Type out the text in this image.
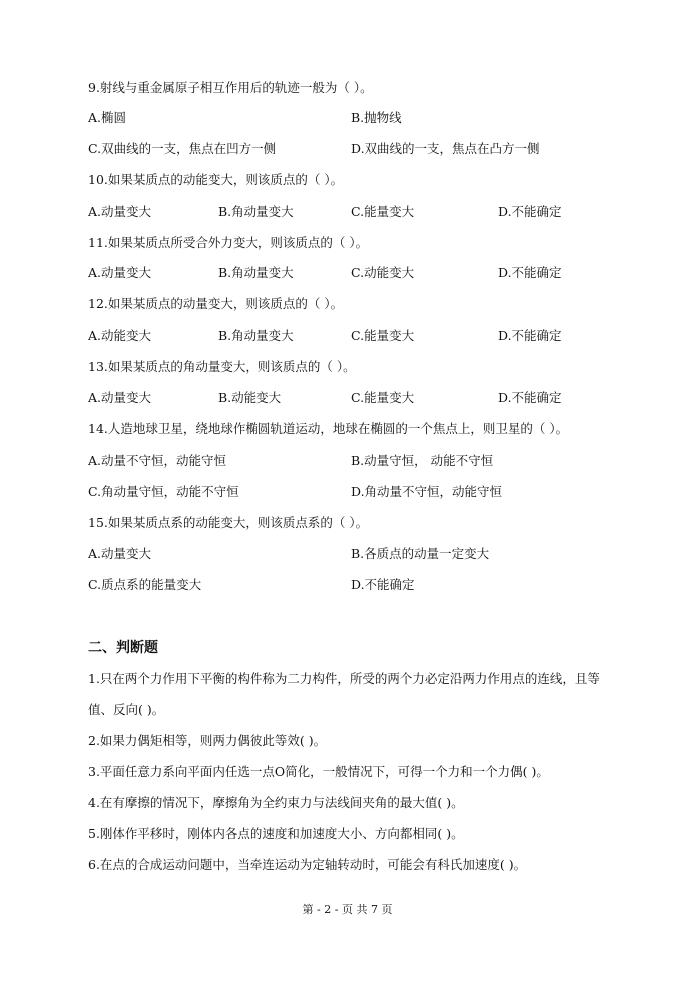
9.射线与重金属原子相互作用后的轨迹一般为（ ）。
A.椭圆	B.抛物线
C.双曲线的一支，焦点在凹方一侧	D.双曲线的一支，焦点在凸方一侧
10.如果某质点的动能变大，则该质点的（ ）。
A.动量变大	B.角动量变大	C.能量变大	D.不能确定
11.如果某质点所受合外力变大，则该质点的（ ）。
A.动量变大	B.角动量变大	C.动能变大	D.不能确定
12.如果某质点的动量变大，则该质点的（ ）。
A.动能变大	B.角动量变大	C.能量变大	D.不能确定
13.如果某质点的角动量变大，则该质点的（ ）。
A.动量变大	B.动能变大	C.能量变大	D.不能确定
14.人造地球卫星，绕地球作椭圆轨道运动，地球在椭圆的一个焦点上，则卫星的（ ）。
A.动量不守恒，动能守恒	B.动量守恒， 动能不守恒
C.角动量守恒，动能不守恒	D.角动量不守恒，动能守恒
15.如果某质点系的动能变大，则该质点系的（ ）。
A.动量变大	B.各质点的动量一定变大
C.质点系的能量变大	D.不能确定
二、判断题
1.只在两个力作用下平衡的构件称为二力构件，所受的两个力必定沿两力作用点的连线，且等
值、反向( )。
2.如果力偶矩相等，则两力偶彼此等效( )。
3.平面任意力系向平面内任选一点O简化，一般情况下，可得一个力和一个力偶( )。
4.在有摩擦的情况下，摩擦角为全约束力与法线间夹角的最大值( )。
5.刚体作平移时，刚体内各点的速度和加速度大小、方向都相同( )。
6.在点的合成运动问题中，当牵连运动为定轴转动时，可能会有科氏加速度( )。
第 - 2 - 页 共 7 页
